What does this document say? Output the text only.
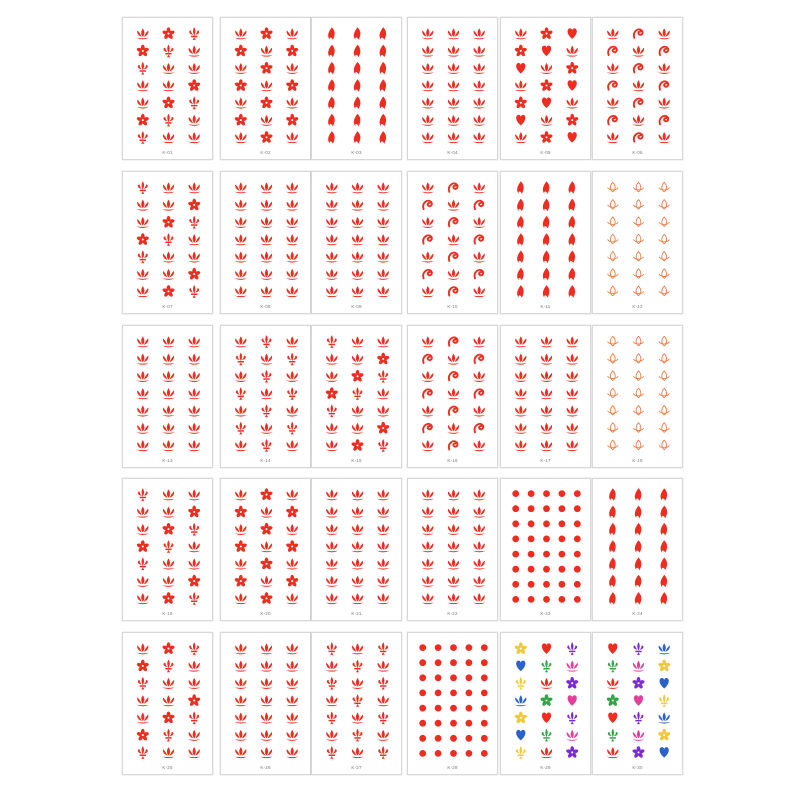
K-01	K-02	K-03	K-04	K-05	K-06
K-07	K-08	K-09	K-10	K-11	K-12
K-13	K-14	K-15	K-16	K-17	K-18
K-19	K-20	K-21	K-22	K-23	K-24
K-25	K-26	K-27	K-28	K-29	K-30
